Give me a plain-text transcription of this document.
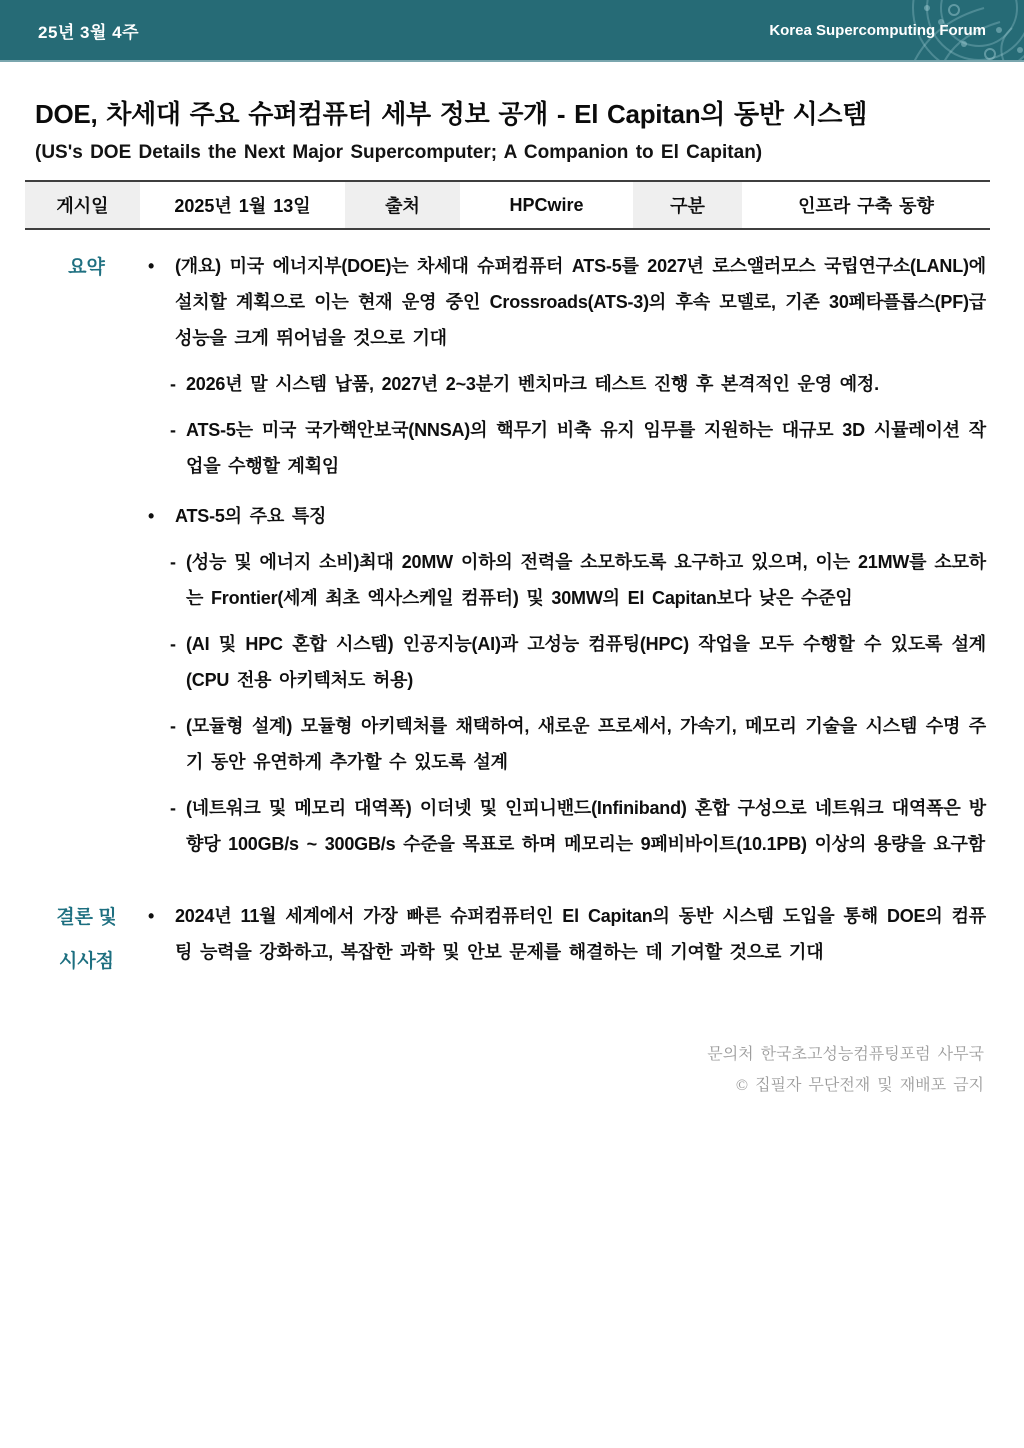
25년 3월 4주	Korea Supercomputing Forum
DOE, 차세대 주요 슈퍼컴퓨터 세부 정보 공개 - El Capitan의 동반 시스템
(US's DOE Details the Next Major Supercomputer; A Companion to El Capitan)
게시일	2025년 1월 13일	출처	HPCwire	구분	인프라 구축 동향
요약	•	(개요) 미국 에너지부(DOE)는 차세대 슈퍼컴퓨터 ATS-5를 2027년 로스앨러모스 국립연구소(LANL)에 설치할 계획으로 이는 현재 운영 중인 Crossroads(ATS-3)의 후속 모델로, 기존 30페타플롭스(PF)급 성능을 크게 뛰어넘을 것으로 기대
- 2026년 말 시스템 납품, 2027년 2~3분기 벤치마크 테스트 진행 후 본격적인 운영 예정.
- ATS-5는 미국 국가핵안보국(NNSA)의 핵무기 비축 유지 임무를 지원하는 대규모 3D 시뮬레이션 작업을 수행할 계획임
•	ATS-5의 주요 특징
- (성능 및 에너지 소비)최대 20MW 이하의 전력을 소모하도록 요구하고 있으며, 이는 21MW를 소모하는 Frontier(세계 최초 엑사스케일 컴퓨터) 및 30MW의 El Capitan보다 낮은 수준임
- (AI 및 HPC 혼합 시스템) 인공지능(AI)과 고성능 컴퓨팅(HPC) 작업을 모두 수행할 수 있도록 설계 (CPU 전용 아키텍처도 허용)
- (모듈형 설계) 모듈형 아키텍처를 채택하여, 새로운 프로세서, 가속기, 메모리 기술을 시스템 수명 주기 동안 유연하게 추가할 수 있도록 설계
- (네트워크 및 메모리 대역폭) 이더넷 및 인피니밴드(Infiniband) 혼합 구성으로 네트워크 대역폭은 방향당 100GB/s ~ 300GB/s 수준을 목표로 하며 메모리는 9페비바이트(10.1PB) 이상의 용량을 요구함
결론 및
시사점
•	2024년 11월 세계에서 가장 빠른 슈퍼컴퓨터인 El Capitan의 동반 시스템 도입을 통해 DOE의 컴퓨팅 능력을 강화하고, 복잡한 과학 및 안보 문제를 해결하는 데 기여할 것으로 기대
문의처 한국초고성능컴퓨팅포럼 사무국
© 집필자 무단전재 및 재배포 금지
